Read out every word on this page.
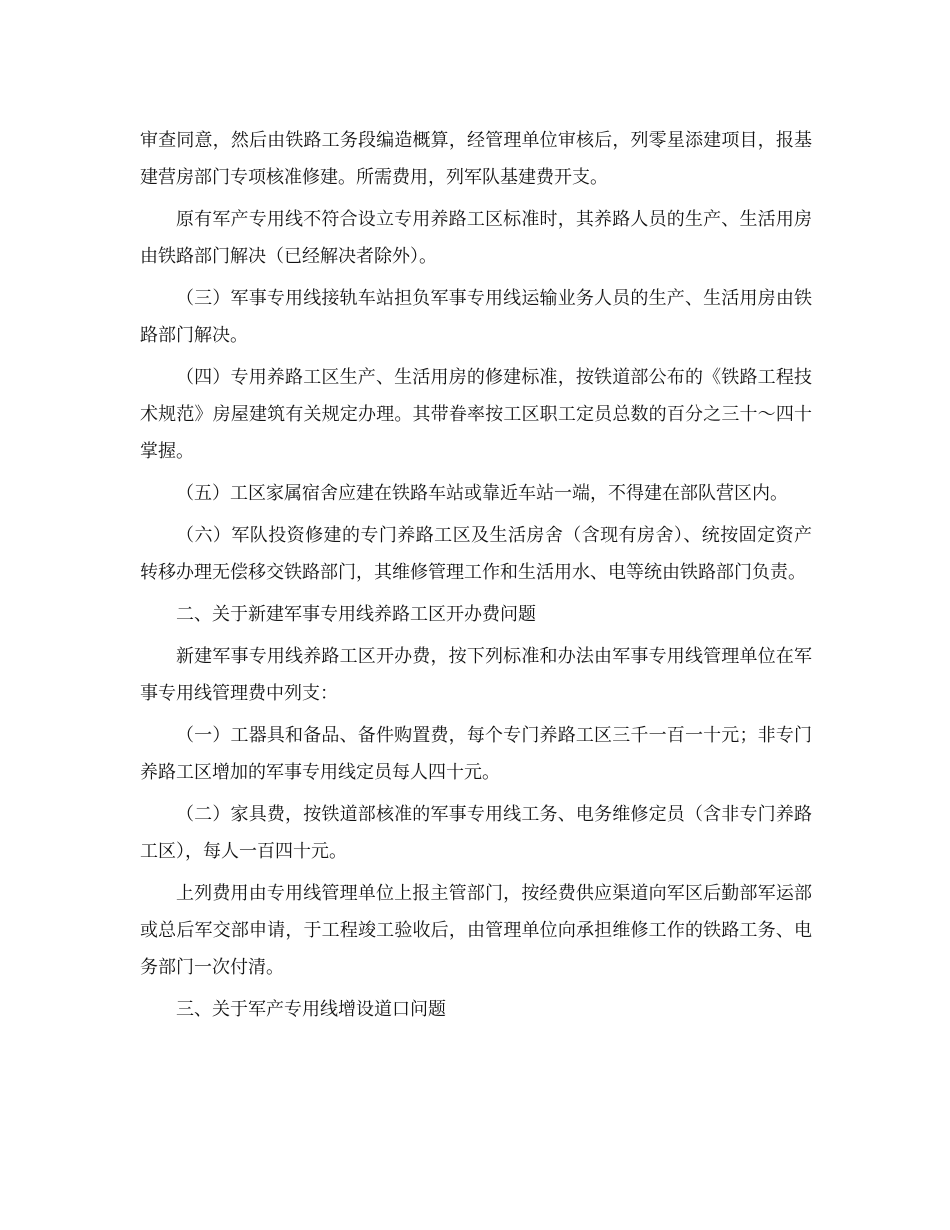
审查同意，然后由铁路工务段编造概算，经管理单位审核后，列零星添建项目，报基建营房部门专项核准修建。所需费用，列军队基建费开支。

原有军产专用线不符合设立专用养路工区标准时，其养路人员的生产、生活用房由铁路部门解决（已经解决者除外）。

（三）军事专用线接轨车站担负军事专用线运输业务人员的生产、生活用房由铁路部门解决。

（四）专用养路工区生产、生活用房的修建标准，按铁道部公布的《铁路工程技术规范》房屋建筑有关规定办理。其带眷率按工区职工定员总数的百分之三十～四十掌握。

（五）工区家属宿舍应建在铁路车站或靠近车站一端，不得建在部队营区内。

（六）军队投资修建的专门养路工区及生活房舍（含现有房舍）、统按固定资产转移办理无偿移交铁路部门，其维修管理工作和生活用水、电等统由铁路部门负责。

二、关于新建军事专用线养路工区开办费问题

新建军事专用线养路工区开办费，按下列标准和办法由军事专用线管理单位在军事专用线管理费中列支：

（一）工器具和备品、备件购置费，每个专门养路工区三千一百一十元；非专门养路工区增加的军事专用线定员每人四十元。

（二）家具费，按铁道部核准的军事专用线工务、电务维修定员（含非专门养路工区），每人一百四十元。

上列费用由专用线管理单位上报主管部门，按经费供应渠道向军区后勤部军运部或总后军交部申请，于工程竣工验收后，由管理单位向承担维修工作的铁路工务、电务部门一次付清。

三、关于军产专用线增设道口问题
